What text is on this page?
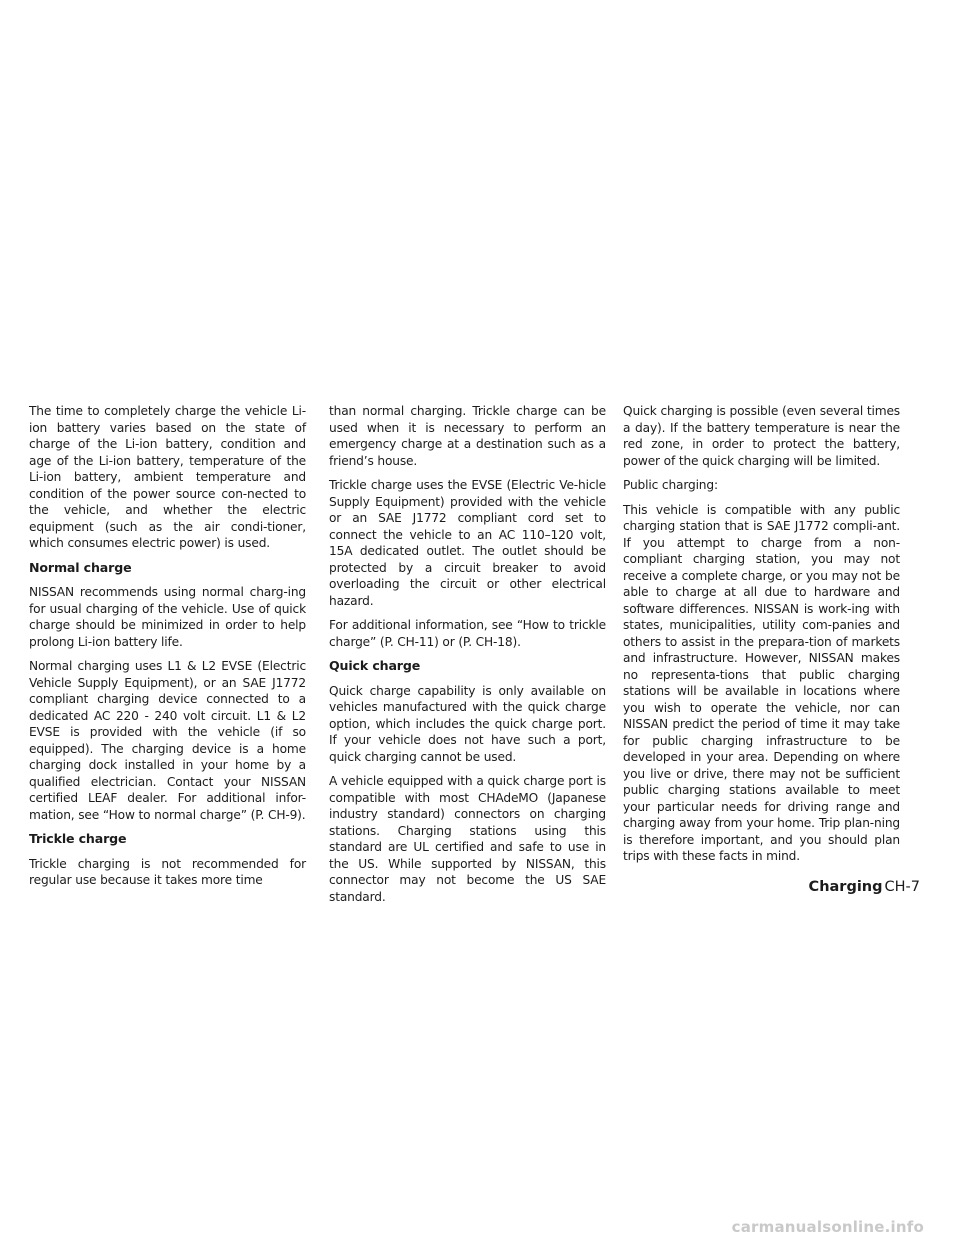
The time to completely charge the vehicle Li-ion battery varies based on the state of charge of the Li-ion battery, condition and age of the Li-ion battery, temperature of the Li-ion battery, ambient temperature and condition of the power source con-nected to the vehicle, and whether the electric equipment (such as the air condi-tioner, which consumes electric power) is used.

Normal charge

NISSAN recommends using normal charg-ing for usual charging of the vehicle. Use of quick charge should be minimized in order to help prolong Li-ion battery life.

Normal charging uses L1 & L2 EVSE (Electric Vehicle Supply Equipment), or an SAE J1772 compliant charging device connected to a dedicated AC 220 - 240 volt circuit. L1 & L2 EVSE is provided with the vehicle (if so equipped). The charging device is a home charging dock installed in your home by a qualified electrician. Contact your NISSAN certified LEAF dealer. For additional infor-mation, see “How to normal charge” (P. CH-9).

Trickle charge

Trickle charging is not recommended for regular use because it takes more time

than normal charging. Trickle charge can be used when it is necessary to perform an emergency charge at a destination such as a friend’s house.

Trickle charge uses the EVSE (Electric Ve-hicle Supply Equipment) provided with the vehicle or an SAE J1772 compliant cord set to connect the vehicle to an AC 110–120 volt, 15A dedicated outlet. The outlet should be protected by a circuit breaker to avoid overloading the circuit or other electrical hazard.

For additional information, see “How to trickle charge” (P. CH-11) or (P. CH-18).

Quick charge

Quick charge capability is only available on vehicles manufactured with the quick charge option, which includes the quick charge port. If your vehicle does not have such a port, quick charging cannot be used.

A vehicle equipped with a quick charge port is compatible with most CHAdeMO (Japanese industry standard) connectors on charging stations. Charging stations using this standard are UL certified and safe to use in the US. While supported by NISSAN, this connector may not become the US SAE standard.

Quick charging is possible (even several times a day). If the battery temperature is near the red zone, in order to protect the battery, power of the quick charging will be limited.

Public charging:

This vehicle is compatible with any public charging station that is SAE J1772 compli-ant. If you attempt to charge from a non-compliant charging station, you may not receive a complete charge, or you may not be able to charge at all due to hardware and software differences. NISSAN is work-ing with states, municipalities, utility com-panies and others to assist in the prepara-tion of markets and infrastructure. However, NISSAN makes no representa-tions that public charging stations will be available in locations where you wish to operate the vehicle, nor can NISSAN predict the period of time it may take for public charging infrastructure to be developed in your area. Depending on where you live or drive, there may not be sufficient public charging stations available to meet your particular needs for driving range and charging away from your home. Trip plan-ning is therefore important, and you should plan trips with these facts in mind.

Charging CH-7
carmanualsonline.info
